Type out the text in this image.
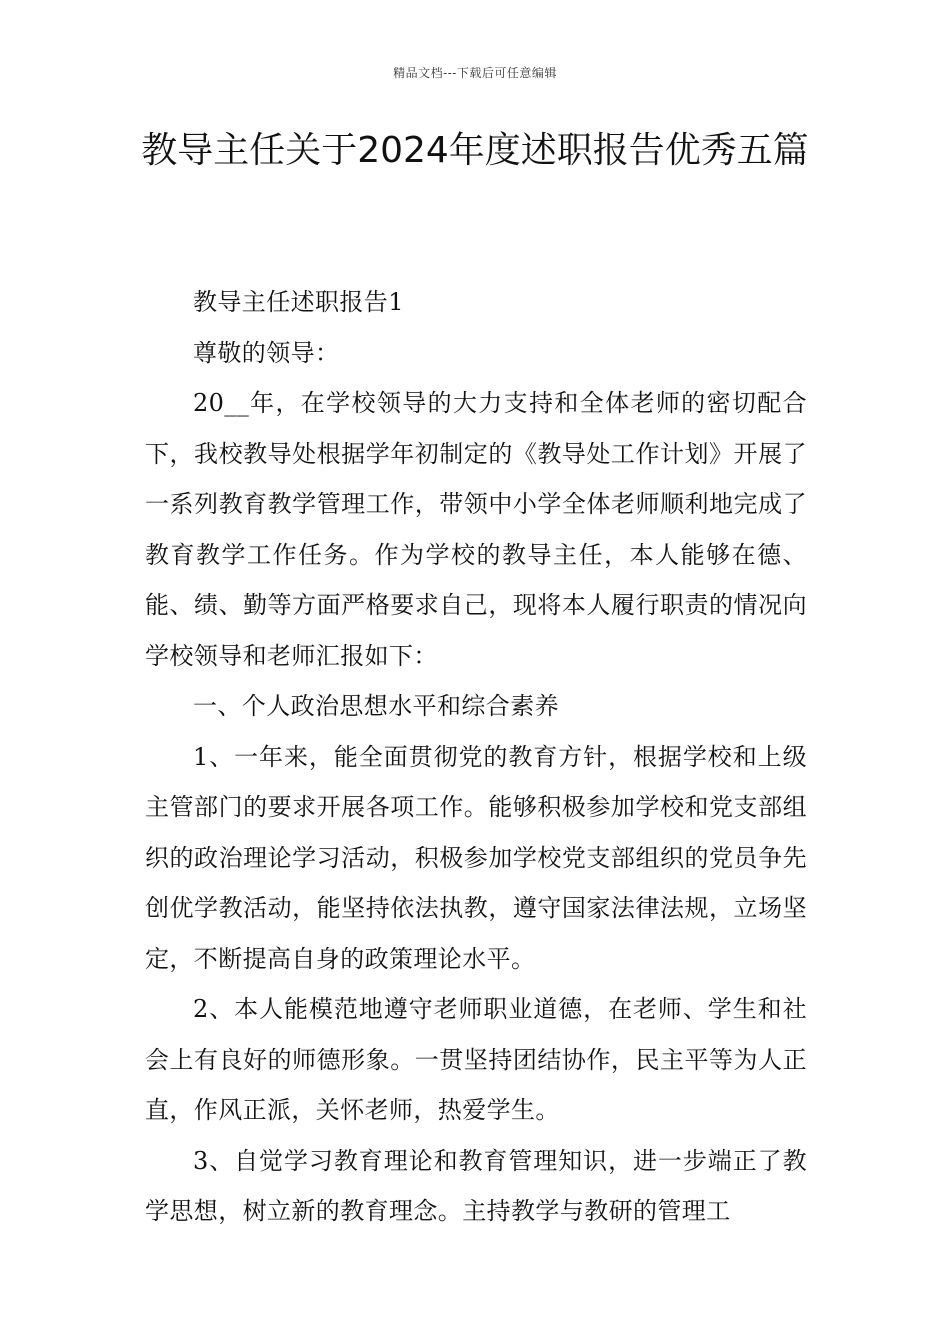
精品文档---下载后可任意编辑
教导主任关于2024年度述职报告优秀五篇

教导主任述职报告1

尊敬的领导：

20__年，在学校领导的大力支持和全体老师的密切配合下，我校教导处根据学年初制定的《教导处工作计划》开展了一系列教育教学管理工作，带领中小学全体老师顺利地完成了教育教学工作任务。作为学校的教导主任，本人能够在德、能、绩、勤等方面严格要求自己，现将本人履行职责的情况向学校领导和老师汇报如下：

一、个人政治思想水平和综合素养

1、一年来，能全面贯彻党的教育方针，根据学校和上级主管部门的要求开展各项工作。能够积极参加学校和党支部组织的政治理论学习活动，积极参加学校党支部组织的党员争先创优学教活动，能坚持依法执教，遵守国家法律法规，立场坚定，不断提高自身的政策理论水平。

2、本人能模范地遵守老师职业道德，在老师、学生和社会上有良好的师德形象。一贯坚持团结协作，民主平等为人正直，作风正派，关怀老师，热爱学生。

3、自觉学习教育理论和教育管理知识，进一步端正了教学思想，树立新的教育理念。主持教学与教研的管理工
